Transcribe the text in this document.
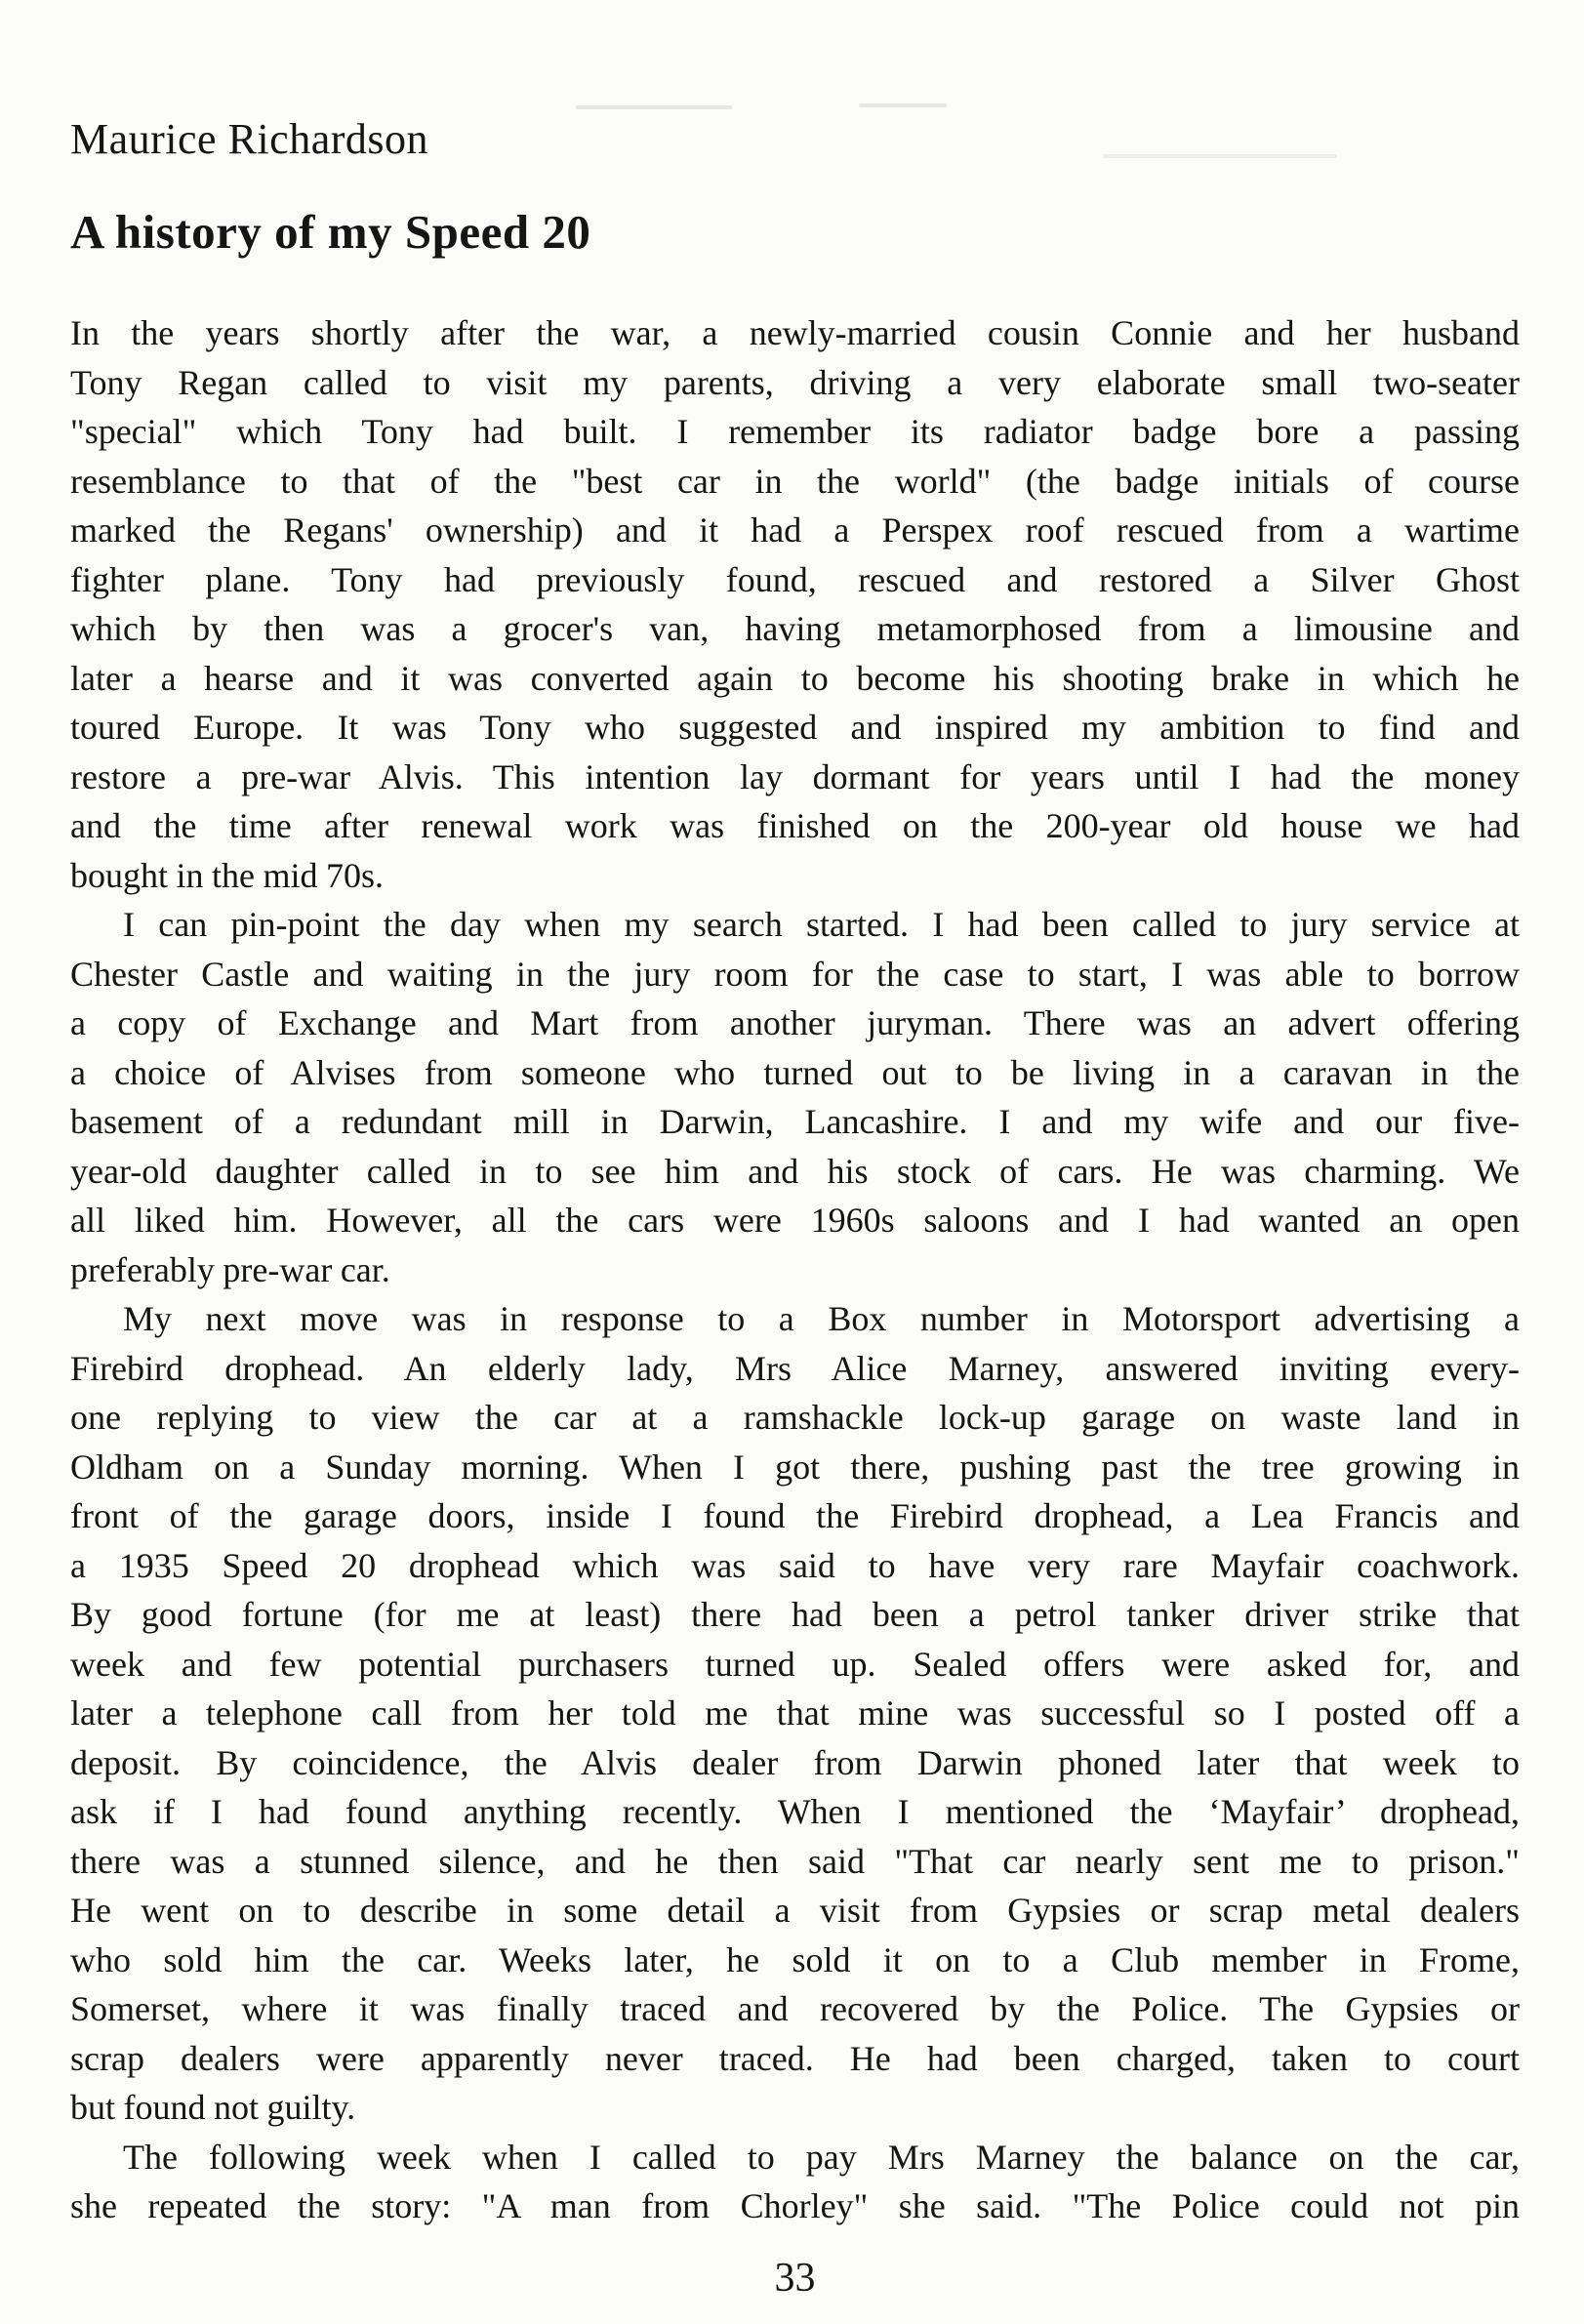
Maurice Richardson
A history of my Speed 20
In the years shortly after the war, a newly-married cousin Connie and her husband
Tony Regan called to visit my parents, driving a very elaborate small two-seater
"special" which Tony had built. I remember its radiator badge bore a passing
resemblance to that of the "best car in the world" (the badge initials of course
marked the Regans' ownership) and it had a Perspex roof rescued from a wartime
fighter plane. Tony had previously found, rescued and restored a Silver Ghost
which by then was a grocer's van, having metamorphosed from a limousine and
later a hearse and it was converted again to become his shooting brake in which he
toured Europe. It was Tony who suggested and inspired my ambition to find and
restore a pre-war Alvis. This intention lay dormant for years until I had the money
and the time after renewal work was finished on the 200-year old house we had
bought in the mid 70s.
I can pin-point the day when my search started. I had been called to jury service at
Chester Castle and waiting in the jury room for the case to start, I was able to borrow
a copy of Exchange and Mart from another juryman. There was an advert offering
a choice of Alvises from someone who turned out to be living in a caravan in the
basement of a redundant mill in Darwin, Lancashire. I and my wife and our five-
year-old daughter called in to see him and his stock of cars. He was charming. We
all liked him. However, all the cars were 1960s saloons and I had wanted an open
preferably pre-war car.
My next move was in response to a Box number in Motorsport advertising a
Firebird drophead. An elderly lady, Mrs Alice Marney, answered inviting every-
one replying to view the car at a ramshackle lock-up garage on waste land in
Oldham on a Sunday morning. When I got there, pushing past the tree growing in
front of the garage doors, inside I found the Firebird drophead, a Lea Francis and
a 1935 Speed 20 drophead which was said to have very rare Mayfair coachwork.
By good fortune (for me at least) there had been a petrol tanker driver strike that
week and few potential purchasers turned up. Sealed offers were asked for, and
later a telephone call from her told me that mine was successful so I posted off a
deposit. By coincidence, the Alvis dealer from Darwin phoned later that week to
ask if I had found anything recently. When I mentioned the ‘Mayfair’ drophead,
there was a stunned silence, and he then said "That car nearly sent me to prison."
He went on to describe in some detail a visit from Gypsies or scrap metal dealers
who sold him the car. Weeks later, he sold it on to a Club member in Frome,
Somerset, where it was finally traced and recovered by the Police. The Gypsies or
scrap dealers were apparently never traced. He had been charged, taken to court
but found not guilty.
The following week when I called to pay Mrs Marney the balance on the car,
she repeated the story: "A man from Chorley" she said. "The Police could not pin
33
